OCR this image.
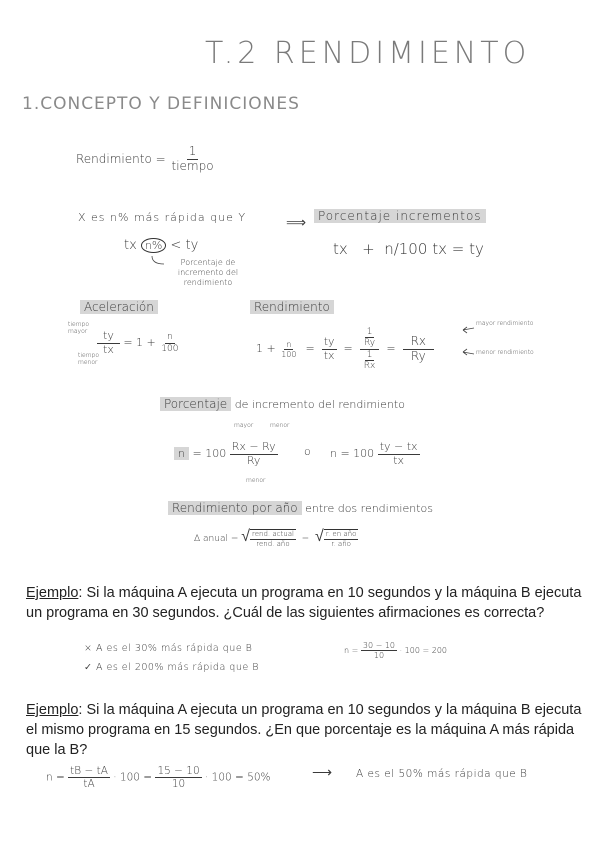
T.2 RENDIMIENTO
1.CONCEPTO Y DEFINICIONES
Rendimiento = $\frac{1}{\text{tiempo}}$
X es n% más rápida que Y	⟹ Porcentaje incrementos
tx n% < ty
Porcentaje de incremento del rendimiento
tx + n/100 tx = ty
Aceleración
tiempo mayor
tiempo menor
$\frac{ty}{tx} = 1 + \frac{n}{100}$
Rendimiento
$1 + \frac{n}{100} = \frac{ty}{tx} = \frac{\frac{1}{Ry}}{\frac{1}{Rx}} = \frac{Rx}{Ry}$
mayor rendimiento
menor rendimiento
Porcentaje de incremento del rendimiento
mayor	menor
menor
$n = 100 \frac{Rx - Ry}{Ry}$ o $n = 100 \frac{ty - tx}{tx}$
Rendimiento por año entre dos rendimientos
Δ anual = √ $\frac{\text{rend. actual}}{\text{rend. año}}$ = √ $\frac{\text{r. en año}}{\text{r. año}}$
Ejemplo: Si la máquina A ejecuta un programa en 10 segundos y la máquina B ejecuta un programa en 30 segundos. ¿Cuál de las siguientes afirmaciones es correcta?
× A es el 30% más rápida que B
✓ A es el 200% más rápida que B
$n = \frac{30 - 10}{10} \cdot 100 = 200$
Ejemplo: Si la máquina A ejecuta un programa en 10 segundos y la máquina B ejecuta el mismo programa en 15 segundos. ¿En que porcentaje es la máquina A más rápida que la B?
$n = \frac{tB - tA}{tA} \cdot 100 = \frac{15 - 10}{10} \cdot 100 = 50\%$	⟶ A es el 50% más rápida que B
